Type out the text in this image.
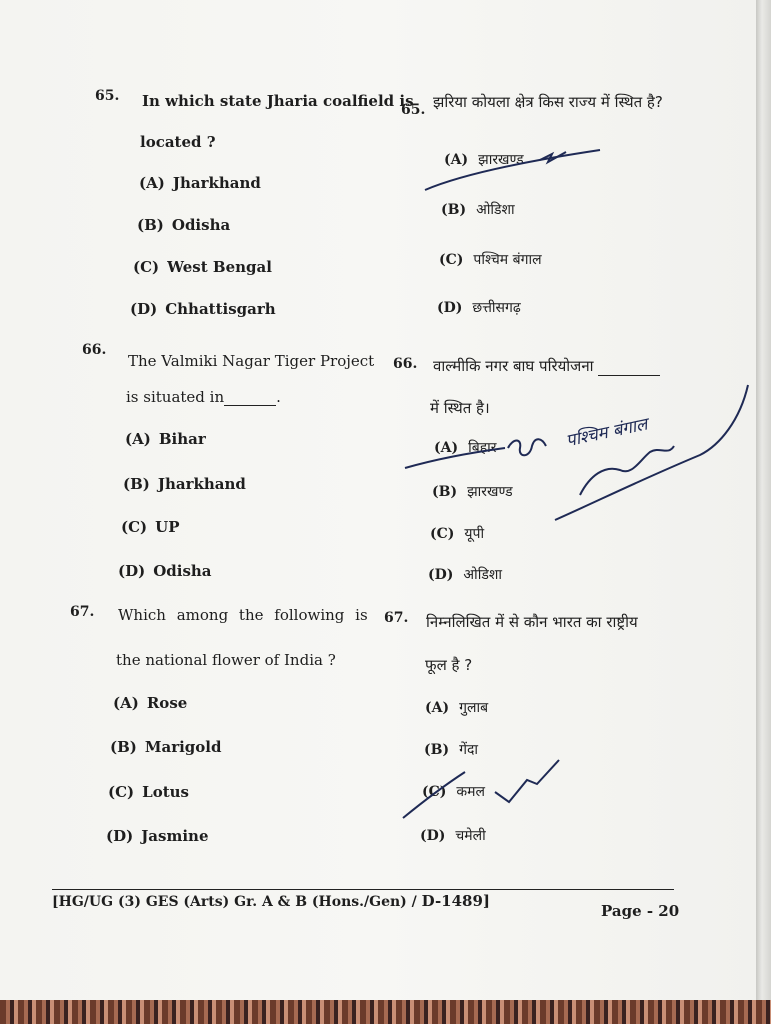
65. In which state Jharia coalfield is
located ?
(A) Jharkhand
(B) Odisha
(C) West Bengal
(D) Chhattisgarh
65. झरिया कोयला क्षेत्र किस राज्य में स्थित है?
(A) झारखण्ड
(B) ओडिशा
(C) पश्चिम बंगाल
(D) छत्तीसगढ़
66.
The Valmiki Nagar Tiger Project
is situated in	.
(A) Bihar
(B) Jharkhand
(C) UP
(D) Odisha
66. वाल्मीकि नगर बाघ परियोजना
में स्थित है।
(A) बिहार
(B) झारखण्ड
(C) यूपी
(D) ओडिशा
67. Which among the following is
the national flower of India ?
(A) Rose
(B) Marigold
(C) Lotus
(D) Jasmine
67. निम्नलिखित में से कौन भारत का राष्ट्रीय
फूल है ?
(A) गुलाब
(B) गेंदा
(C) कमल
(D) चमेली
[HG/UG (3) GES (Arts) Gr. A & B (Hons./Gen) / D-1489]
Page - 20
पश्चिम बंगाल
